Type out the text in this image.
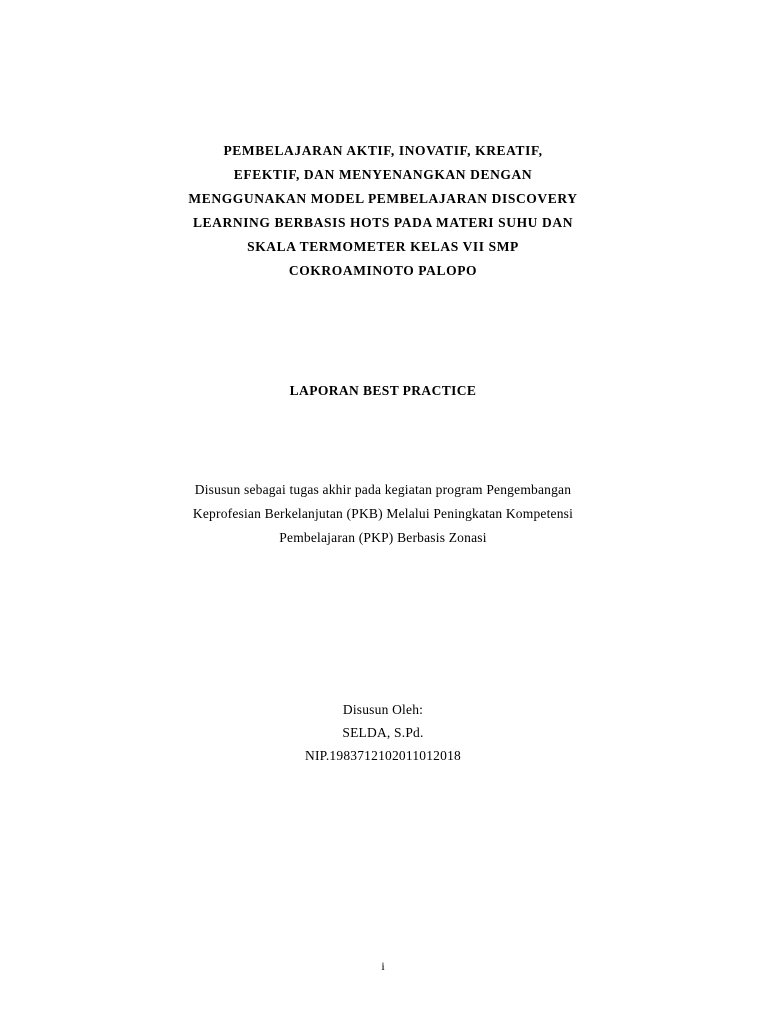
PEMBELAJARAN AKTIF, INOVATIF, KREATIF,
EFEKTIF, DAN MENYENANGKAN DENGAN
MENGGUNAKAN MODEL PEMBELAJARAN DISCOVERY
LEARNING BERBASIS HOTS PADA MATERI SUHU DAN
SKALA TERMOMETER KELAS VII SMP
COKROAMINOTO PALOPO
LAPORAN BEST PRACTICE
Disusun sebagai tugas akhir pada kegiatan program Pengembangan
Keprofesian Berkelanjutan (PKB) Melalui Peningkatan Kompetensi
Pembelajaran (PKP) Berbasis Zonasi
Disusun Oleh:
SELDA, S.Pd.
NIP.198371210201101​2018
i
